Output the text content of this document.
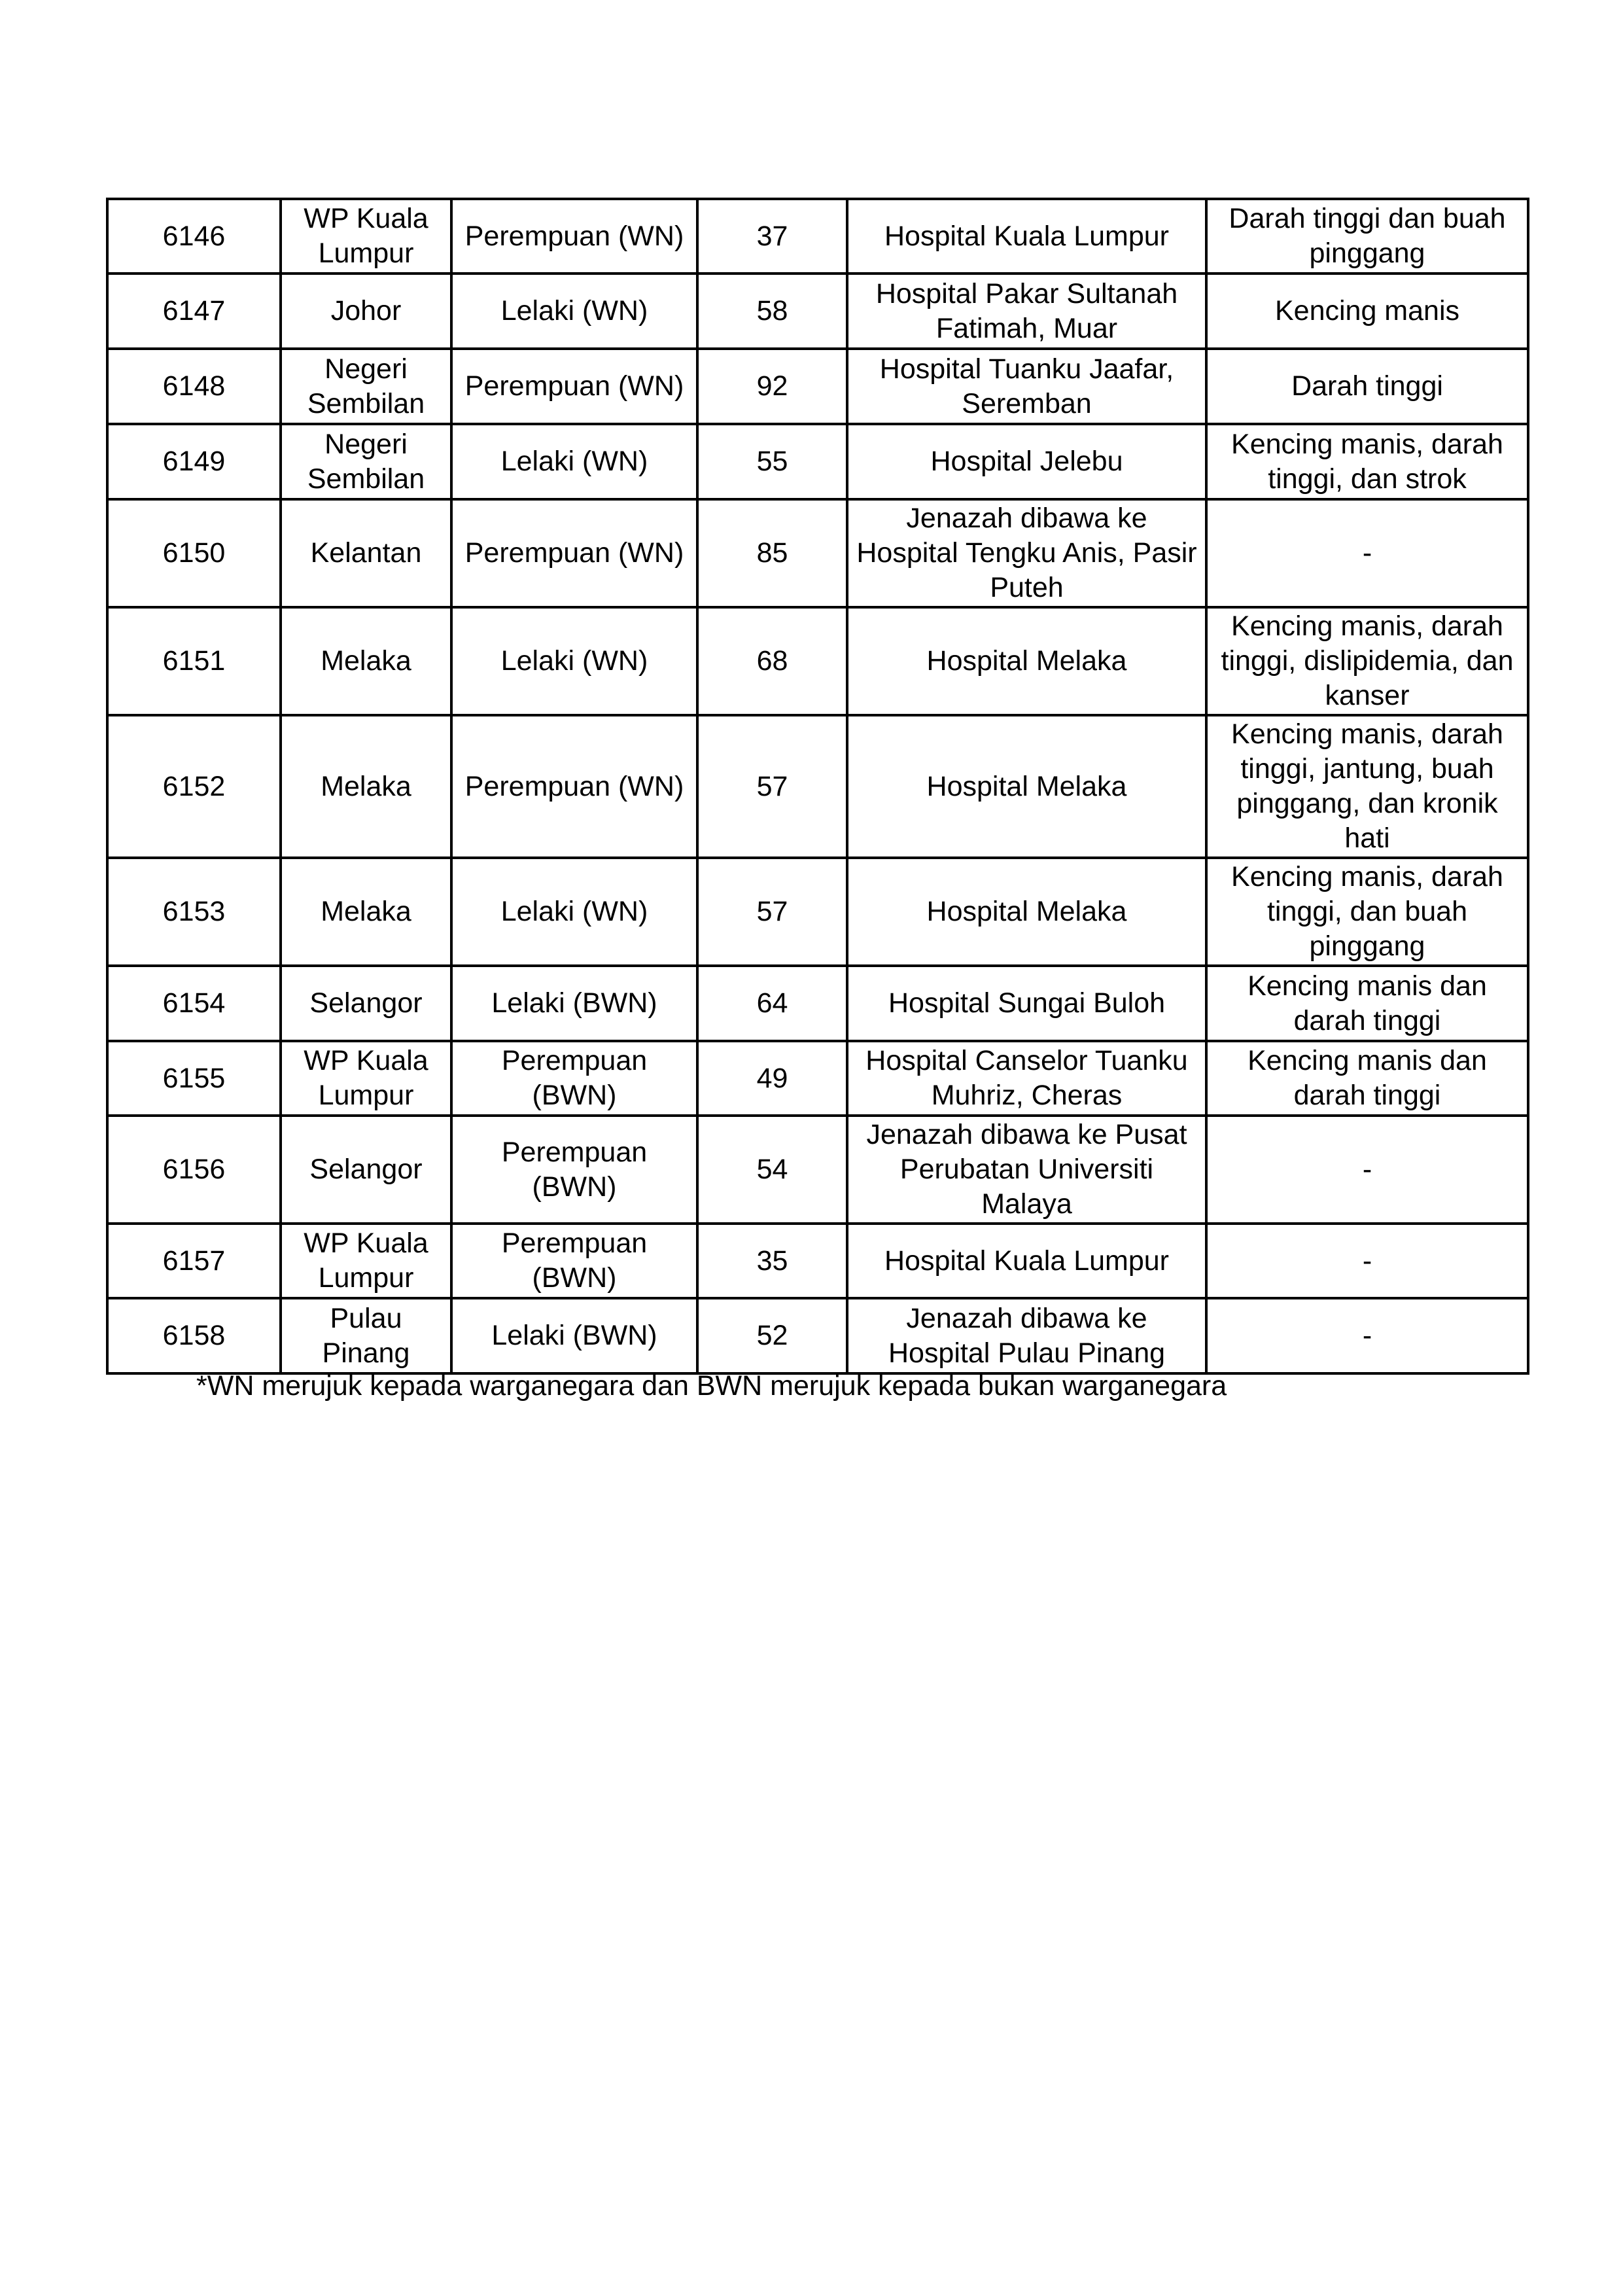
6146	WP Kuala Lumpur	Perempuan (WN)	37	Hospital Kuala Lumpur	Darah tinggi dan buah pinggang
6147	Johor	Lelaki (WN)	58	Hospital Pakar Sultanah Fatimah, Muar	Kencing manis
6148	Negeri Sembilan	Perempuan (WN)	92	Hospital Tuanku Jaafar, Seremban	Darah tinggi
6149	Negeri Sembilan	Lelaki (WN)	55	Hospital Jelebu	Kencing manis, darah tinggi, dan strok
6150	Kelantan	Perempuan (WN)	85	Jenazah dibawa ke Hospital Tengku Anis, Pasir Puteh	-
6151	Melaka	Lelaki (WN)	68	Hospital Melaka	Kencing manis, darah tinggi, dislipidemia, dan kanser
6152	Melaka	Perempuan (WN)	57	Hospital Melaka	Kencing manis, darah tinggi, jantung, buah pinggang, dan kronik hati
6153	Melaka	Lelaki (WN)	57	Hospital Melaka	Kencing manis, darah tinggi, dan buah pinggang
6154	Selangor	Lelaki (BWN)	64	Hospital Sungai Buloh	Kencing manis dan darah tinggi
6155	WP Kuala Lumpur	Perempuan (BWN)	49	Hospital Canselor Tuanku Muhriz, Cheras	Kencing manis dan darah tinggi
6156	Selangor	Perempuan (BWN)	54	Jenazah dibawa ke Pusat Perubatan Universiti Malaya	-
6157	WP Kuala Lumpur	Perempuan (BWN)	35	Hospital Kuala Lumpur	-
6158	Pulau Pinang	Lelaki (BWN)	52	Jenazah dibawa ke Hospital Pulau Pinang	-
*WN merujuk kepada warganegara dan BWN merujuk kepada bukan warganegara
